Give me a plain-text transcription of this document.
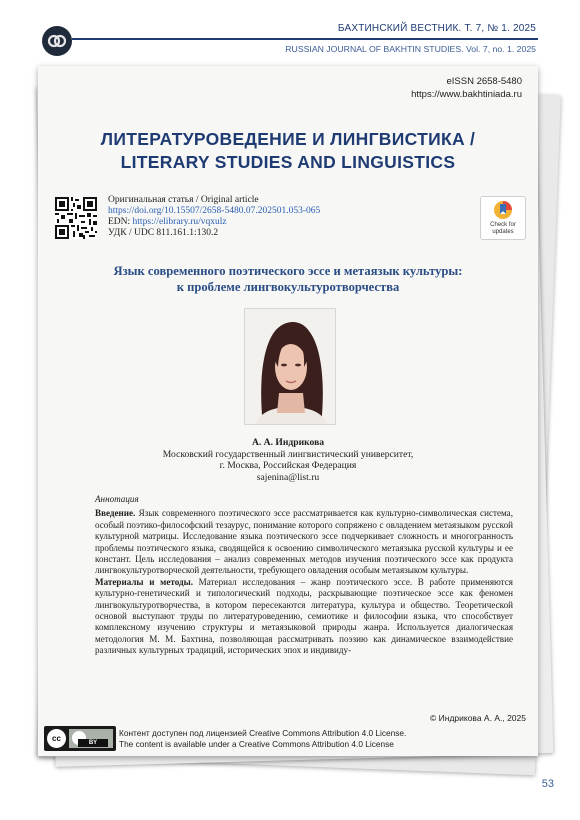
БАХТИНСКИЙ ВЕСТНИК. Т. 7, № 1. 2025
RUSSIAN JOURNAL OF BAKHTIN STUDIES. Vol. 7, no. 1. 2025
eISSN 2658-5480
https://www.bakhtiniada.ru
ЛИТЕРАТУРОВЕДЕНИЕ И ЛИНГВИСТИКА /
LITERARY STUDIES AND LINGUISTICS
Оригинальная статья / Original article
https://doi.org/10.15507/2658-5480.07.202501.053-065
EDN: https://elibrary.ru/vqxulz
УДК / UDC 811.161.1:130.2
Check for
updates
Язык современного поэтического эссе и метаязык культуры:
к проблеме лингвокультуротворчества
А. А. Индрикова
Московский государственный лингвистический университет,
г. Москва, Российская Федерация
sajenina@list.ru
Аннотация

Введение. Язык современного поэтического эссе рассматривается как культурно-символическая система, особый поэтико-философский тезаурус, понимание которого сопряжено с овладением метаязыком русской культурной матрицы. Исследование языка поэтического эссе подчеркивает сложность и многогранность проблемы поэтического языка, сводящейся к освоению символического метаязыка русской культуры и ее констант. Цель исследования – анализ современных методов изучения поэтического эссе как продукта лингвокультуротворческой деятельности, требующего овладения особым метаязыком культуры.

Материалы и методы. Материал исследования – жанр поэтического эссе. В работе применяются культурно-генетический и типологический подходы, раскрывающие поэтическое эссе как феномен лингвокультуротворчества, в котором пересекаются литература, культура и общество. Теоретической основой выступают труды по литературоведению, семиотике и философии языка, что способствует комплексному изучению структуры и метаязыковой природы жанра. Используется диалогическая методология М. М. Бахтина, позволяющая рассматривать поэзию как динамическое взаимодействие различных культурных традиций, исторических эпох и индивиду-

© Индрикова А. А., 2025
cc	BY
Контент доступен под лицензией Creative Commons Attribution 4.0 License.
The content is available under a Creative Commons Attribution 4.0 License
53
